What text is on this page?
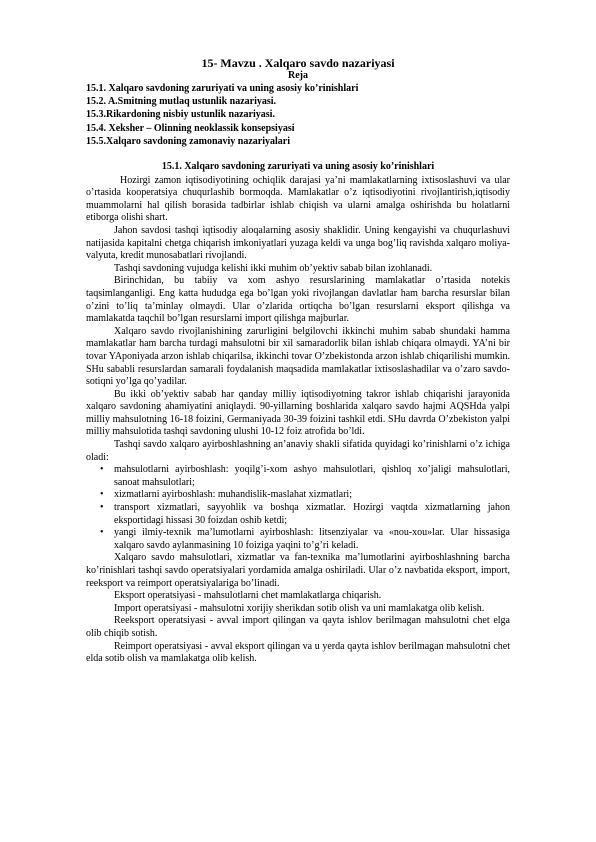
15- Mavzu . Xalqaro savdo nazariyasi
Reja
15.1. Xalqaro savdoning zaruriyati va uning asosiy ko’rinishlari
15.2. A.Smitning mutlaq ustunlik nazariyasi.
15.3.Rikardoning nisbiy ustunlik nazariyasi.
15.4. Xeksher – Olinning neoklassik konsepsiyasi
15.5.Xalqaro savdoning zamonaviy nazariyalari
15.1. Xalqaro savdoning zaruriyati va uning asosiy ko’rinishlari

Hozirgi zamon iqtisodiyotining ochiqlik darajasi ya’ni mamlakatlarning ixtisoslashuvi va ular o’rtasida kooperatsiya chuqurlashib bormoqda. Mamlakatlar o’z iqtisodiyotini rivojlantirish,iqtisodiy muammolarni hal qilish borasida tadbirlar ishlab chiqish va ularni amalga oshirishda bu holatlarni etiborga olishi shart.

Jahon savdosi tashqi iqtisodiy aloqalarning asosiy shaklidir. Uning kengayishi va chuqurlashuvi natijasida kapitalni chetga chiqarish imkoniyatlari yuzaga keldi va unga bog’liq ravishda xalqaro moliya-valyuta, kredit munosabatlari rivojlandi.

Tashqi savdoning vujudga kelishi ikki muhim ob’yektiv sabab bilan izohlanadi.

Birinchidan, bu tabiiy va xom ashyo resurslarining mamlakatlar o’rtasida notekis taqsimlanganligi. Eng katta hududga ega bo’lgan yoki rivojlangan davlatlar ham barcha resurslar bilan o’zini to’liq ta’minlay olmaydi. Ular o’zlarida ortiqcha bo’lgan resurslarni eksport qilishga va mamlakatda taqchil bo’lgan resurslarni import qilishga majburlar.

Xalqaro savdo rivojlanishining zarurligini belgilovchi ikkinchi muhim sabab shundaki hamma mamlakatlar ham barcha turdagi mahsulotni bir xil samaradorlik bilan ishlab chiqara olmaydi. YA’ni bir tovar YAponiyada arzon ishlab chiqarilsa, ikkinchi tovar O’zbekistonda arzon ishlab chiqarilishi mumkin. SHu sababli resurslardan samarali foydalanish maqsadida mamlakatlar ixtisoslashadilar va o’zaro savdo-sotiqni yo’lga qo’yadilar.

Bu ikki ob’yektiv sabab har qanday milliy iqtisodiyotning takror ishlab chiqarishi jarayonida xalqaro savdoning ahamiyatini aniqlaydi. 90-yillarning boshlarida xalqaro savdo hajmi AQSHda yalpi milliy mahsulotning 16-18 foizini, Germaniyada 30-39 foizini tashkil etdi. SHu davrda O’zbekiston yalpi milliy mahsulotida tashqi savdoning ulushi 10-12 foiz atrofida bo’ldi.

Tashqi savdo xalqaro ayirboshlashning an’anaviy shakli sifatida quyidagi ko’rinishlarni o’z ichiga oladi:

• mahsulotlarni ayirboshlash: yoqilg’i-xom ashyo mahsulotlari, qishloq xo’jaligi mahsulotlari, sanoat mahsulotlari;
• xizmatlarni ayirboshlash: muhandislik-maslahat xizmatlari;
• transport xizmatlari, sayyohlik va boshqa xizmatlar. Hozirgi vaqtda xizmatlarning jahon eksportidagi hissasi 30 foizdan oshib ketdi;
• yangi ilmiy-texnik ma’lumotlarni ayirboshlash: litsenziyalar va «nou-xou»lar. Ular hissasiga xalqaro savdo aylanmasining 10 foiziga yaqini to’g’ri keladi.

Xalqaro savdo mahsulotlari, xizmatlar va fan-texnika ma’lumotlarini ayirboshlashning barcha ko’rinishlari tashqi savdo operatsiyalari yordamida amalga oshiriladi. Ular o’z navbatida eksport, import, reeksport va reimport operatsiyalariga bo’linadi.

Eksport operatsiyasi - mahsulotlarni chet mamlakatlarga chiqarish.

Import operatsiyasi - mahsulotni xorijiy sherikdan sotib olish va uni mamlakatga olib kelish.

Reeksport operatsiyasi - avval import qilingan va qayta ishlov berilmagan mahsulotni chet elga olib chiqib sotish.

Reimport operatsiyasi - avval eksport qilingan va u yerda qayta ishlov berilmagan mahsulotni chet elda sotib olish va mamlakatga olib kelish.
